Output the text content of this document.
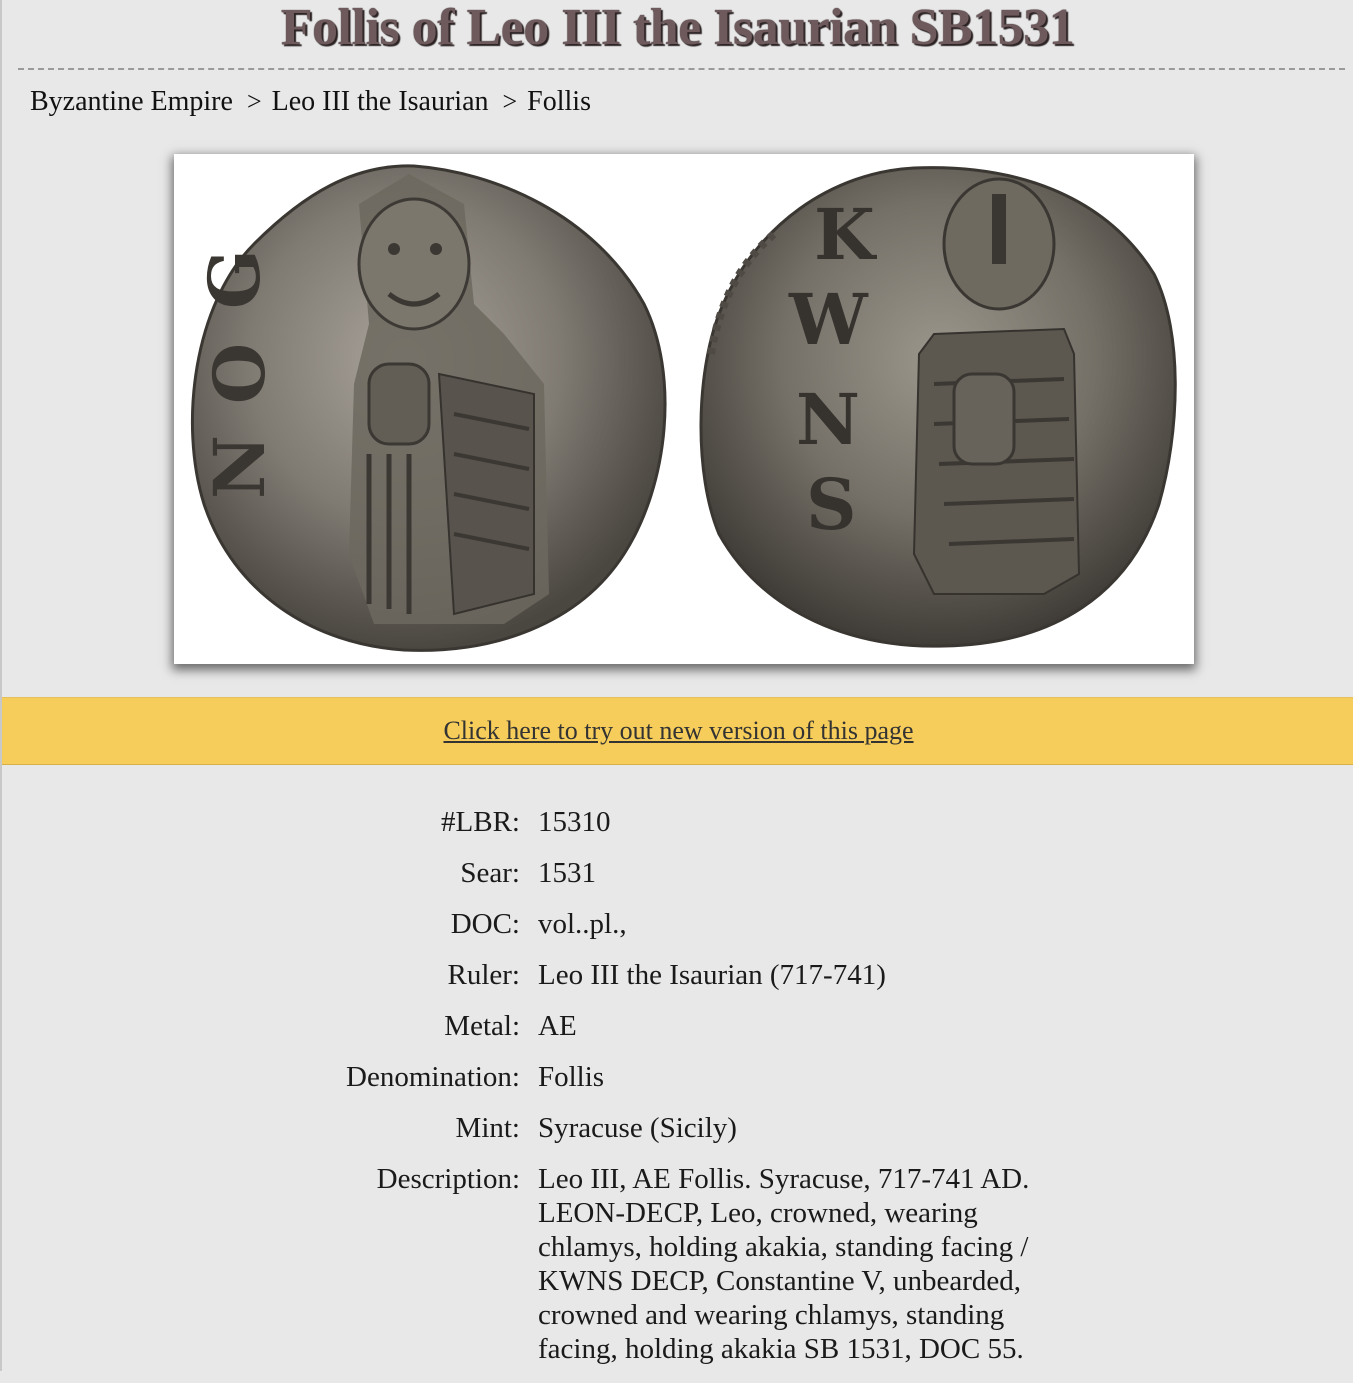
Follis of Leo III the Isaurian SB1531
Byzantine Empire > Leo III the Isaurian > Follis
G
O
N
K
W
N
S
Click here to try out new version of this page
#LBR: 15310
Sear: 1531
DOC: vol..pl.,
Ruler: Leo III the Isaurian (717-741)
Metal: AE
Denomination: Follis
Mint: Syracuse (Sicily)
Description: Leo III, AE Follis. Syracuse, 717-741 AD. LEON-DECP, Leo, crowned, wearing chlamys, holding akakia, standing facing / KWNS DECP, Constantine V, unbearded, crowned and wearing chlamys, standing facing, holding akakia SB 1531, DOC 55.
